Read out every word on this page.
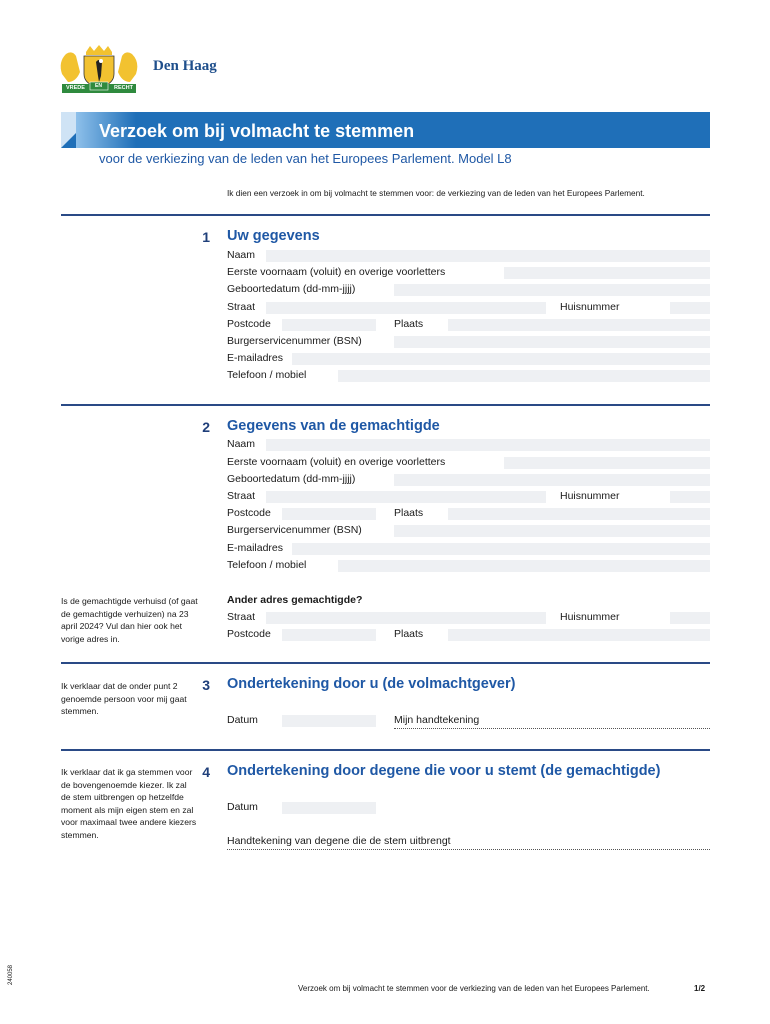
VREDE EN RECHT
Den Haag
Verzoek om bij volmacht te stemmen
voor de verkiezing van de leden van het Europees Parlement. Model L8
Ik dien een verzoek in om bij volmacht te stemmen voor: de verkiezing van de leden van het Europees Parlement.
1 Uw gegevens
Naam
Eerste voornaam (voluit) en overige voorletters
Geboortedatum (dd-mm-jjjj)
Straat	Huisnummer
Postcode	Plaats
Burgerservicenummer (BSN)
E-mailadres
Telefoon / mobiel
2 Gegevens van de gemachtigde
Naam
Eerste voornaam (voluit) en overige voorletters
Geboortedatum (dd-mm-jjjj)
Straat	Huisnummer
Postcode	Plaats
Burgerservicenummer (BSN)
E-mailadres
Telefoon / mobiel
Is de gemachtigde verhuisd (of gaat de gemachtigde verhuizen) na 23 april 2024? Vul dan hier ook het vorige adres in.
Ander adres gemachtigde?
Straat	Huisnummer
Postcode	Plaats
Ik verklaar dat de onder punt 2 genoemde persoon voor mij gaat stemmen.
3 Ondertekening door u (de volmachtgever)
Datum	Mijn handtekening
Ik verklaar dat ik ga stemmen voor de bovengenoemde kiezer. Ik zal de stem uitbrengen op hetzelfde moment als mijn eigen stem en zal voor maximaal twee andere kiezers stemmen.
4 Ondertekening door degene die voor u stemt (de gemachtigde)
Datum
Handtekening van degene die de stem uitbrengt
Verzoek om bij volmacht te stemmen voor de verkiezing van de leden van het Europees Parlement.	1/2
240058
